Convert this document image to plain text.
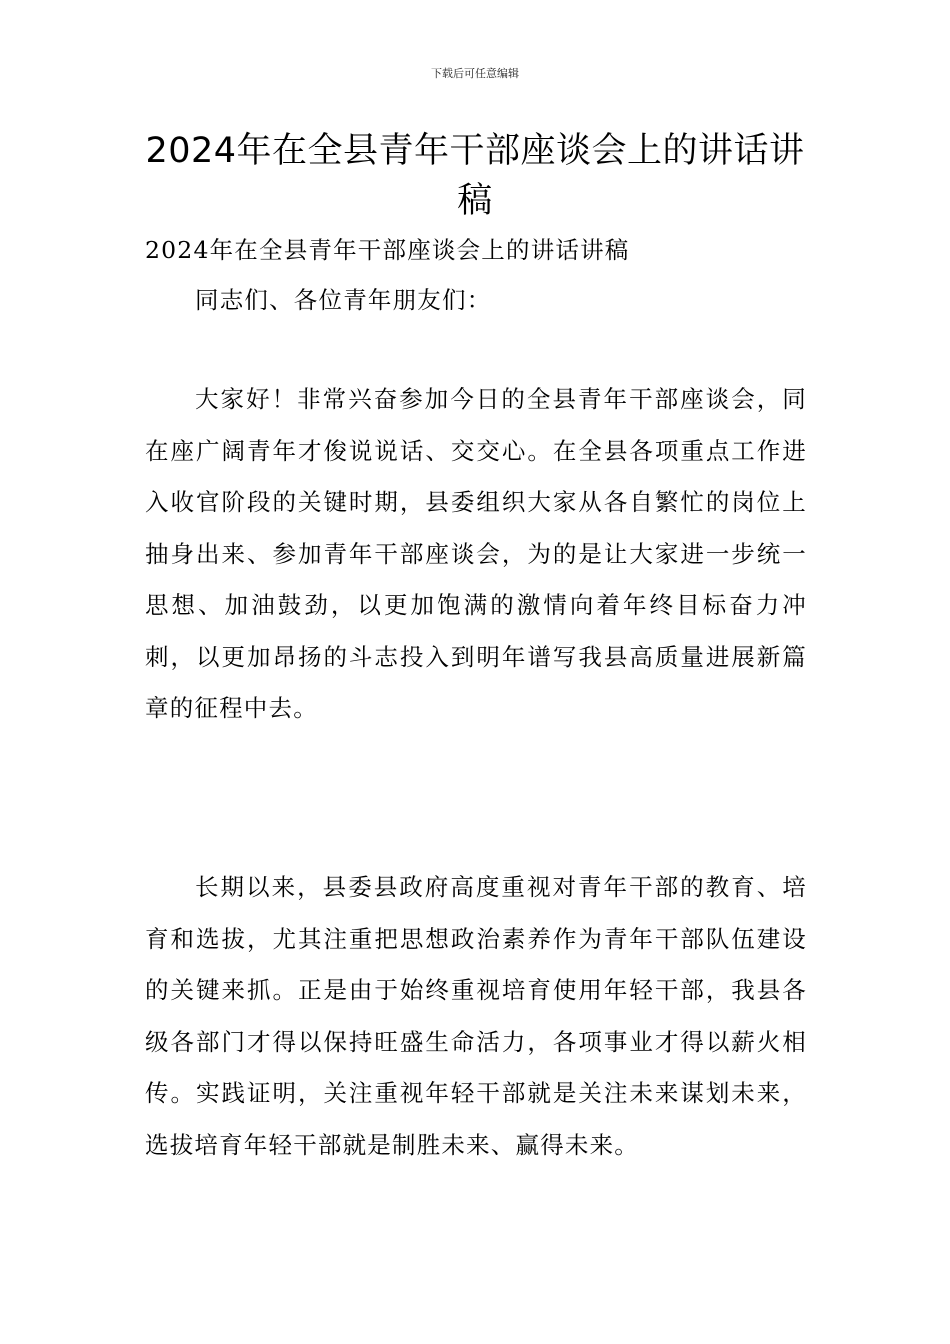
下载后可任意编辑
2024年在全县青年干部座谈会上的讲话讲稿
2024年在全县青年干部座谈会上的讲话讲稿
同志们、各位青年朋友们：

大家好！非常兴奋参加今日的全县青年干部座谈会，同在座广阔青年才俊说说话、交交心。在全县各项重点工作进入收官阶段的关键时期，县委组织大家从各自繁忙的岗位上抽身出来、参加青年干部座谈会，为的是让大家进一步统一思想、加油鼓劲，以更加饱满的激情向着年终目标奋力冲刺，以更加昂扬的斗志投入到明年谱写我县高质量进展新篇章的征程中去。

长期以来，县委县政府高度重视对青年干部的教育、培育和选拔，尤其注重把思想政治素养作为青年干部队伍建设的关键来抓。正是由于始终重视培育使用年轻干部，我县各级各部门才得以保持旺盛生命活力，各项事业才得以薪火相传。实践证明，关注重视年轻干部就是关注未来谋划未来，选拔培育年轻干部就是制胜未来、赢得未来。
